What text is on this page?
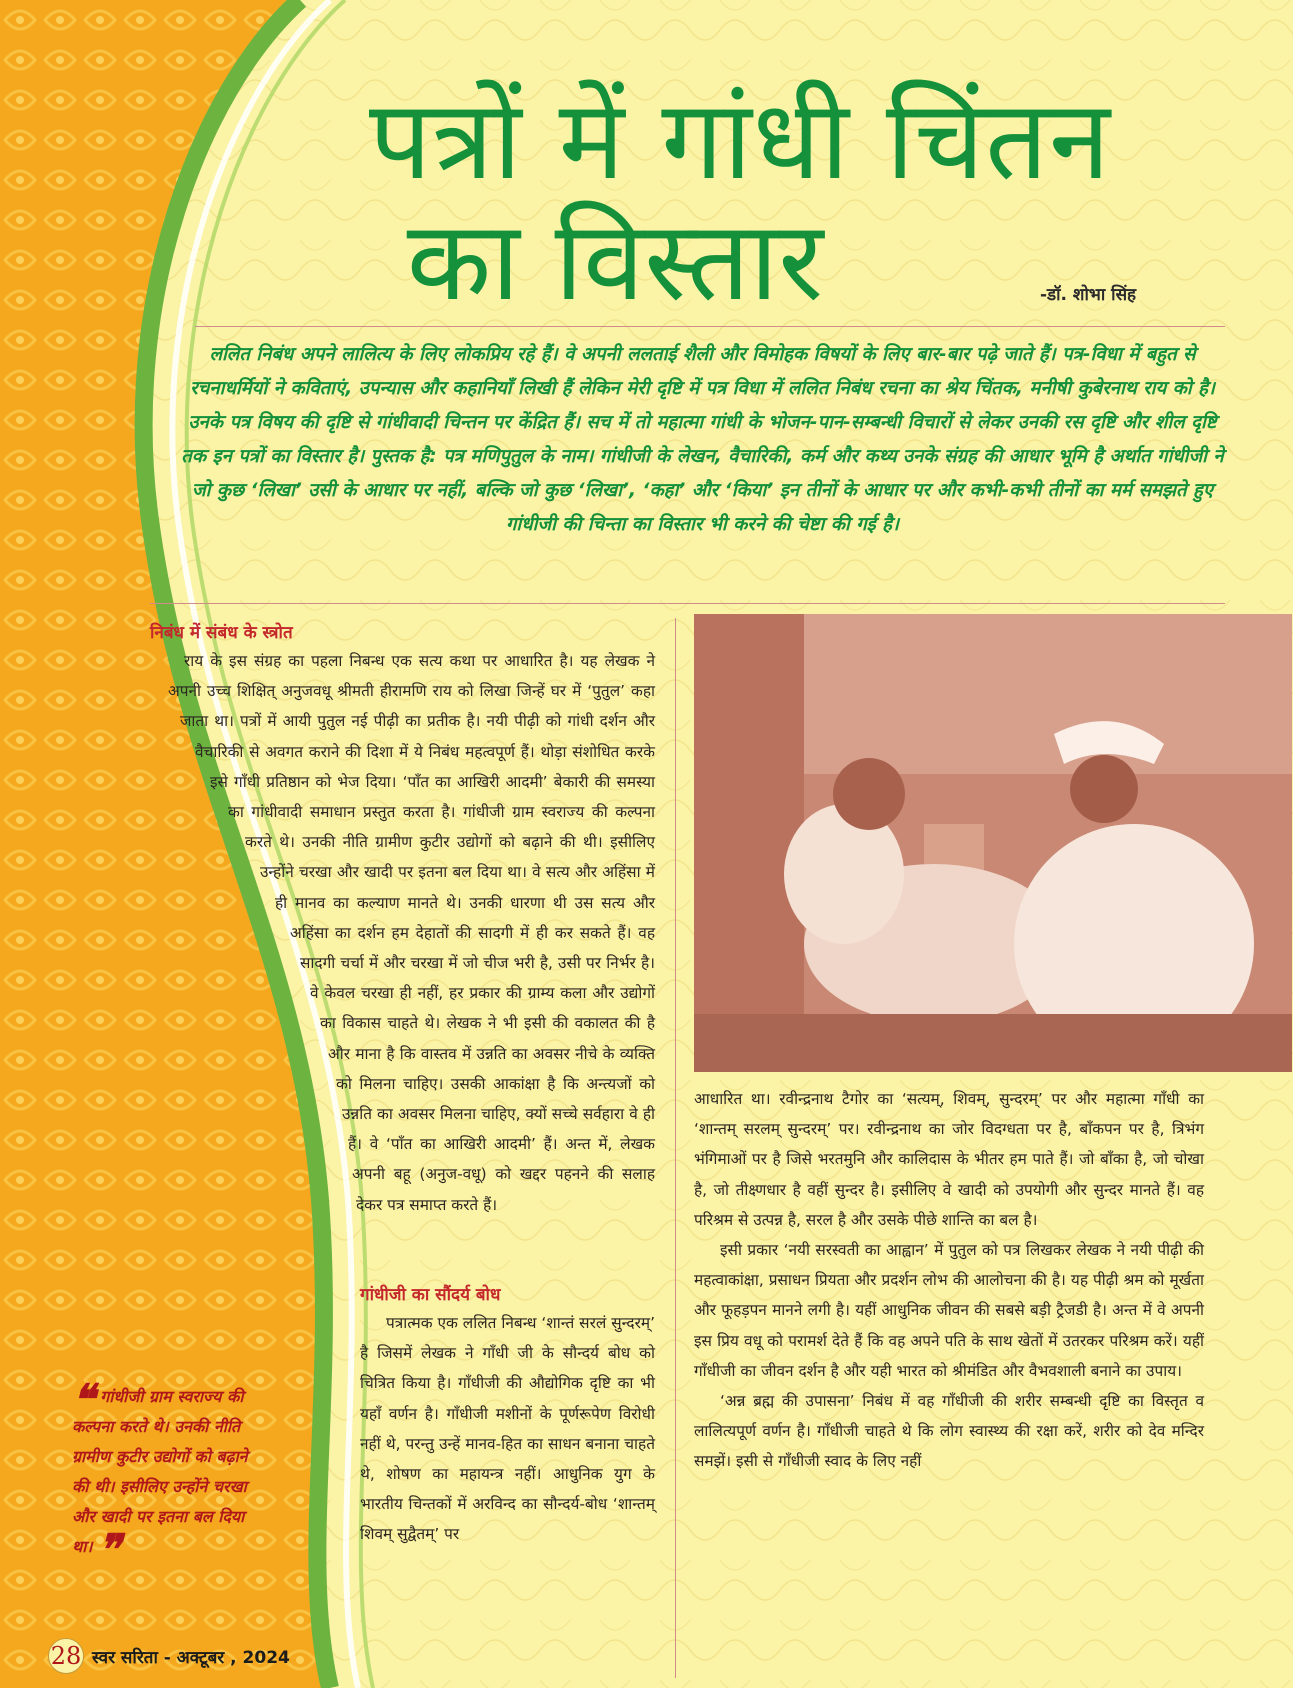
पत्रों में गांधी चिंतन
का विस्तार	-डॉ. शोभा सिंह

ललित निबंध अपने लालित्य के लिए लोकप्रिय रहे हैं। वे अपनी ललताई शैली और विमोहक विषयों के लिए बार-बार पढ़े जाते हैं। पत्र-विधा में बहुत से रचनाधर्मियों ने कविताएं, उपन्यास और कहानियाँ लिखी हैं लेकिन मेरी दृष्टि में पत्र विधा में ललित निबंध रचना का श्रेय चिंतक, मनीषी कुबेरनाथ राय को है। उनके पत्र विषय की दृष्टि से गांधीवादी चिन्तन पर केंद्रित हैं। सच में तो महात्मा गांधी के भोजन-पान-सम्बन्धी विचारों से लेकर उनकी रस दृष्टि और शील दृष्टि तक इन पत्रों का विस्तार है। पुस्तक है: पत्र मणिपुतुल के नाम। गांधीजी के लेखन, वैचारिकी, कर्म और कथ्य उनके संग्रह की आधार भूमि है अर्थात गांधीजी ने जो कुछ ‘लिखा’ उसी के आधार पर नहीं, बल्कि जो कुछ ‘लिखा’, ‘कहा’ और ‘किया’ इन तीनों के आधार पर और कभी-कभी तीनों का मर्म समझते हुए गांधीजी की चिन्ता का विस्तार भी करने की चेष्टा की गई है।

निबंध में संबंध के स्त्रोत

राय के इस संग्रह का पहला निबन्ध एक सत्य कथा पर आधारित है। यह लेखक ने अपनी उच्च शिक्षित् अनुजवधू श्रीमती हीरामणि राय को लिखा जिन्हें घर में ‘पुतुल’ कहा जाता था। पत्रों में आयी पुतुल नई पीढ़ी का प्रतीक है। नयी पीढ़ी को गांधी दर्शन और वैचारिकी से अवगत कराने की दिशा में ये निबंध महत्वपूर्ण हैं। थोड़ा संशोधित करके इसे गाँधी प्रतिष्ठान को भेज दिया। ‘पाँत का आखिरी आदमी’ बेकारी की समस्या का गांधीवादी समाधान प्रस्तुत करता है। गांधीजी ग्राम स्वराज्य की कल्पना करते थे। उनकी नीति ग्रामीण कुटीर उद्योगों को बढ़ाने की थी। इसीलिए उन्होंने चरखा और खादी पर इतना बल दिया था। वे सत्य और अहिंसा में ही मानव का कल्याण मानते थे। उनकी धारणा थी उस सत्य और अहिंसा का दर्शन हम देहातों की सादगी में ही कर सकते हैं। वह सादगी चर्चा में और चरखा में जो चीज भरी है, उसी पर निर्भर है। वे केवल चरखा ही नहीं, हर प्रकार की ग्राम्य कला और उद्योगों का विकास चाहते थे। लेखक ने भी इसी की वकालत की है और माना है कि वास्तव में उन्नति का अवसर नीचे के व्यक्ति को मिलना चाहिए। उसकी आकांक्षा है कि अन्त्यजों को उन्नति का अवसर मिलना चाहिए, क्यों सच्चे सर्वहारा वे ही हैं। वे ‘पाँत का आखिरी आदमी’ हैं। अन्त में, लेखक अपनी बहू (अनुज-वधू) को खद्दर पहनने की सलाह देकर पत्र समाप्त करते हैं।

गांधीजी का सौंदर्य बोध

पत्रात्मक एक ललित निबन्ध ‘शान्तं सरलं सुन्दरम्’ है जिसमें लेखक ने गाँधी जी के सौन्दर्य बोध को चित्रित किया है। गाँधीजी की औद्योगिक दृष्टि का भी यहाँ वर्णन है। गाँधीजी मशीनों के पूर्णरूपेण विरोधी नहीं थे, परन्तु उन्हें मानव-हित का साधन बनाना चाहते थे, शोषण का महायन्त्र नहीं। आधुनिक युग के भारतीय चिन्तकों में अरविन्द का सौन्दर्य-बोध ‘शान्तम् शिवम् सुद्वैतम्’ पर

आधारित था। रवीन्द्रनाथ टैगोर का ‘सत्यम्, शिवम्, सुन्दरम्’ पर और महात्मा गाँधी का ‘शान्तम् सरलम् सुन्दरम्’ पर। रवीन्द्रनाथ का जोर विदग्धता पर है, बाँकपन पर है, त्रिभंग भंगिमाओं पर है जिसे भरतमुनि और कालिदास के भीतर हम पाते हैं। जो बाँका है, जो चोखा है, जो तीक्ष्णधार है वहीं सुन्दर है। इसीलिए वे खादी को उपयोगी और सुन्दर मानते हैं। वह परिश्रम से उत्पन्न है, सरल है और उसके पीछे शान्ति का बल है।

इसी प्रकार ‘नयी सरस्वती का आह्वान’ में पुतुल को पत्र लिखकर लेखक ने नयी पीढ़ी की महत्वाकांक्षा, प्रसाधन प्रियता और प्रदर्शन लोभ की आलोचना की है। यह पीढ़ी श्रम को मूर्खता और फूहड़पन मानने लगी है। यहीं आधुनिक जीवन की सबसे बड़ी ट्रैजडी है। अन्त में वे अपनी इस प्रिय वधू को परामर्श देते हैं कि वह अपने पति के साथ खेतों में उतरकर परिश्रम करें। यहीं गाँधीजी का जीवन दर्शन है और यही भारत को श्रीमंडित और वैभवशाली बनाने का उपाय।

‘अन्न ब्रह्म की उपासना’ निबंध में वह गाँधीजी की शरीर सम्बन्धी दृष्टि का विस्तृत व लालित्यपूर्ण वर्णन है। गाँधीजी चाहते थे कि लोग स्वास्थ्य की रक्षा करें, शरीर को देव मन्दिर समझें। इसी से गाँधीजी स्वाद के लिए नहीं

❝ गांधीजी ग्राम स्वराज्य की कल्पना करते थे। उनकी नीति ग्रामीण कुटीर उद्योगों को बढ़ाने की थी। इसीलिए उन्होंने चरखा और खादी पर इतना बल दिया था। ❞
28 स्वर सरिता - अक्टूबर , 2024
